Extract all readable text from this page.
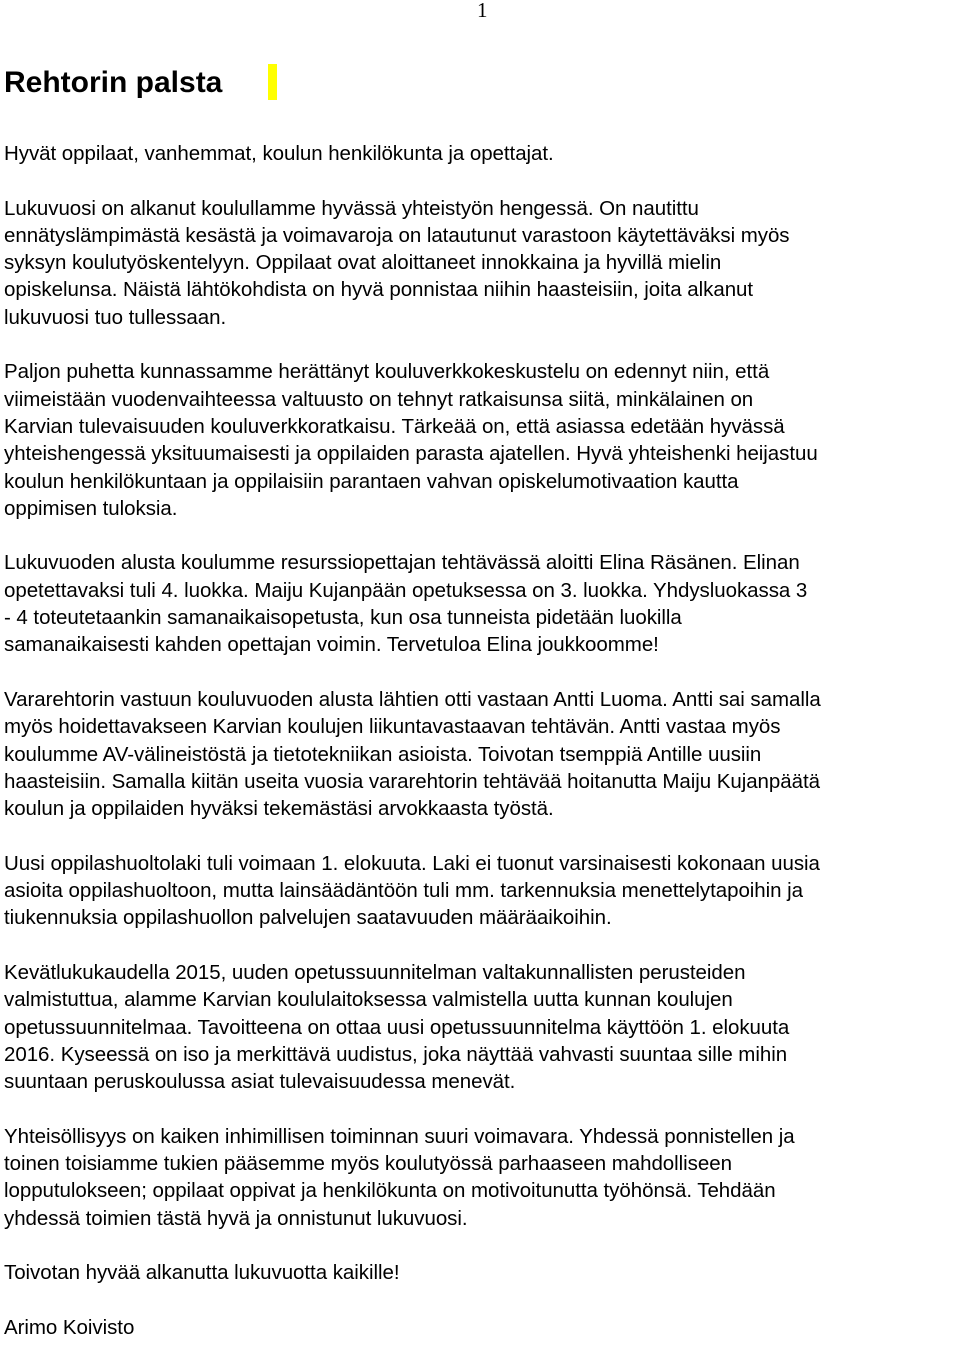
1
Rehtorin palsta

Hyvät oppilaat, vanhemmat, koulun henkilökunta ja opettajat.

Lukuvuosi on alkanut koulullamme hyvässä yhteistyön hengessä. On nautittu
ennätyslämpimästä kesästä ja voimavaroja on latautunut varastoon käytettäväksi myös
syksyn koulutyöskentelyyn. Oppilaat ovat aloittaneet innokkaina ja hyvillä mielin
opiskelunsa. Näistä lähtökohdista on hyvä ponnistaa niihin haasteisiin, joita alkanut
lukuvuosi tuo tullessaan.

Paljon puhetta kunnassamme herättänyt kouluverkkokeskustelu on edennyt niin, että
viimeistään vuodenvaihteessa valtuusto on tehnyt ratkaisunsa siitä, minkälainen on
Karvian tulevaisuuden kouluverkkoratkaisu. Tärkeää on, että asiassa edetään hyvässä
yhteishengessä yksituumaisesti ja oppilaiden parasta ajatellen. Hyvä yhteishenki heijastuu
koulun henkilökuntaan ja oppilaisiin parantaen vahvan opiskelumotivaation kautta
oppimisen tuloksia.

Lukuvuoden alusta koulumme resurssiopettajan tehtävässä aloitti Elina Räsänen. Elinan
opetettavaksi tuli 4. luokka. Maiju Kujanpään opetuksessa on 3. luokka. Yhdysluokassa 3
- 4 toteutetaankin samanaikaisopetusta, kun osa tunneista pidetään luokilla
samanaikaisesti kahden opettajan voimin. Tervetuloa Elina joukkoomme!

Vararehtorin vastuun kouluvuoden alusta lähtien otti vastaan Antti Luoma. Antti sai samalla
myös hoidettavakseen Karvian koulujen liikuntavastaavan tehtävän. Antti vastaa myös
koulumme AV-välineistöstä ja tietotekniikan asioista. Toivotan tsemppiä Antille uusiin
haasteisiin. Samalla kiitän useita vuosia vararehtorin tehtävää hoitanutta Maiju Kujanpäätä
koulun ja oppilaiden hyväksi tekemästäsi arvokkaasta työstä.

Uusi oppilashuoltolaki tuli voimaan 1. elokuuta. Laki ei tuonut varsinaisesti kokonaan uusia
asioita oppilashuoltoon, mutta lainsäädäntöön tuli mm. tarkennuksia menettelytapoihin ja
tiukennuksia oppilashuollon palvelujen saatavuuden määräaikoihin.

Kevätlukukaudella 2015, uuden opetussuunnitelman valtakunnallisten perusteiden
valmistuttua, alamme Karvian koululaitoksessa valmistella uutta kunnan koulujen
opetussuunnitelmaa. Tavoitteena on ottaa uusi opetussuunnitelma käyttöön 1. elokuuta
2016. Kyseessä on iso ja merkittävä uudistus, joka näyttää vahvasti suuntaa sille mihin
suuntaan peruskoulussa asiat tulevaisuudessa menevät.

Yhteisöllisyys on kaiken inhimillisen toiminnan suuri voimavara. Yhdessä ponnistellen ja
toinen toisiamme tukien pääsemme myös koulutyössä parhaaseen mahdolliseen
lopputulokseen; oppilaat oppivat ja henkilökunta on motivoitunutta työhönsä. Tehdään
yhdessä toimien tästä hyvä ja onnistunut lukuvuosi.

Toivotan hyvää alkanutta lukuvuotta kaikille!

Arimo Koivisto
